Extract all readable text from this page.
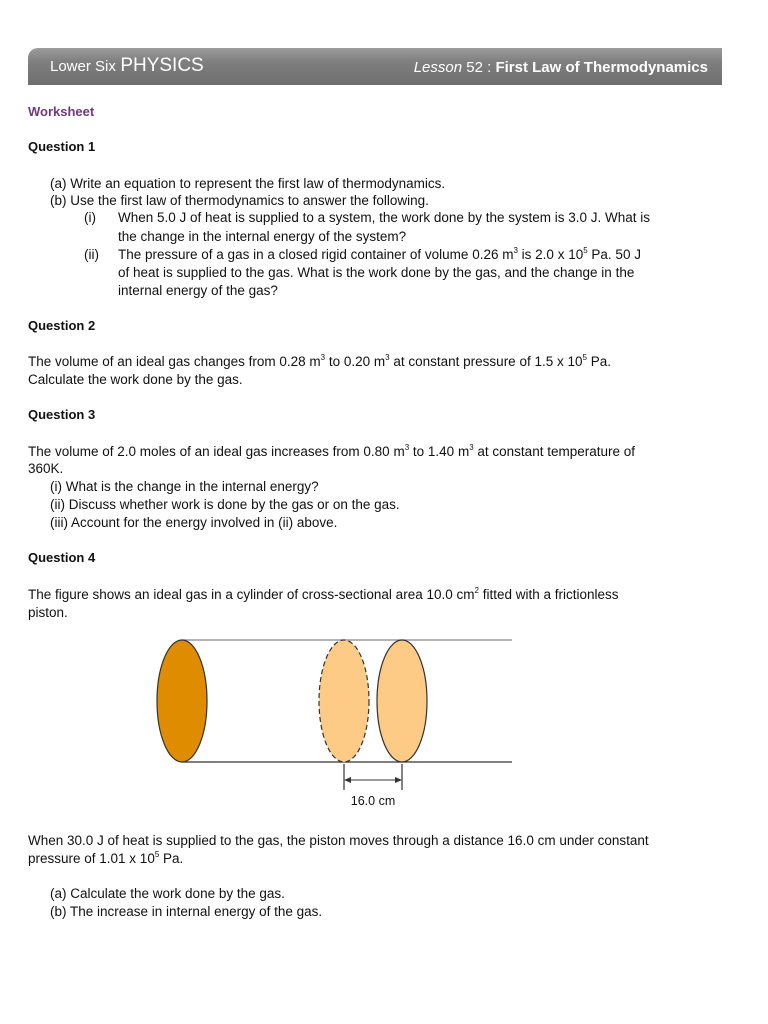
Lower Six PHYSICS	Lesson 52 : First Law of Thermodynamics
Worksheet
Question 1
(a) Write an equation to represent the first law of thermodynamics.
(b) Use the first law of thermodynamics to answer the following.
(i) When 5.0 J of heat is supplied to a system, the work done by the system is 3.0 J. What is
the change in the internal energy of the system?
(ii) The pressure of a gas in a closed rigid container of volume 0.26 $m^3$ is 2.0 x $10^5$ Pa. 50 J
of heat is supplied to the gas. What is the work done by the gas, and the change in the
internal energy of the gas?
Question 2
The volume of an ideal gas changes from 0.28 $m^3$ to 0.20 $m^3$ at constant pressure of 1.5 x $10^5$ Pa.
Calculate the work done by the gas.
Question 3
The volume of 2.0 moles of an ideal gas increases from 0.80 $m^3$ to 1.40 $m^3$ at constant temperature of
360K.
(i) What is the change in the internal energy?
(ii) Discuss whether work is done by the gas or on the gas.
(iii) Account for the energy involved in (ii) above.
Question 4
The figure shows an ideal gas in a cylinder of cross-sectional area 10.0 $cm^2$ fitted with a frictionless
piston.
16.0 cm
When 30.0 J of heat is supplied to the gas, the piston moves through a distance 16.0 cm under constant
pressure of 1.01 x $10^5$ Pa.
(a) Calculate the work done by the gas.
(b) The increase in internal energy of the gas.
